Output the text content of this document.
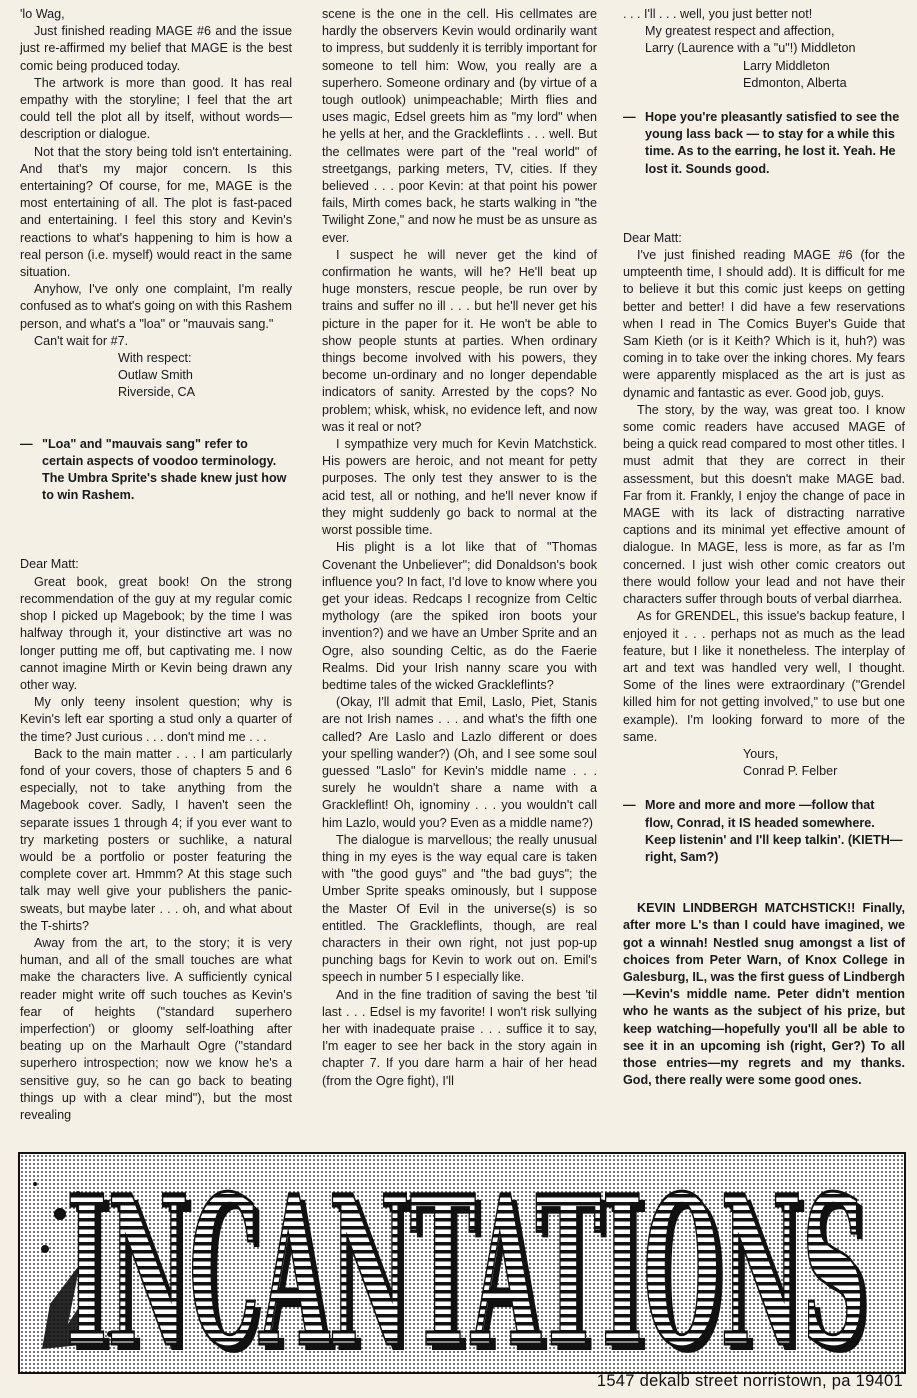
'lo Wag,

Just finished reading MAGE #6 and the issue just re-affirmed my belief that MAGE is the best comic being produced today.

The artwork is more than good. It has real empathy with the storyline; I feel that the art could tell the plot all by itself, without words—description or dialogue.

Not that the story being told isn't entertaining. And that's my major concern. Is this entertaining? Of course, for me, MAGE is the most entertaining of all. The plot is fast-paced and entertaining. I feel this story and Kevin's reactions to what's happening to him is how a real person (i.e. myself) would react in the same situation.

Anyhow, I've only one complaint, I'm really confused as to what's going on with this Rashem person, and what's a "loa" or "mauvais sang."

Can't wait for #7.

With respect:
Outlaw Smith
Riverside, CA

— "Loa" and "mauvais sang" refer to certain aspects of voodoo terminology. The Umbra Sprite's shade knew just how to win Rashem.

Dear Matt:

Great book, great book! On the strong recommendation of the guy at my regular comic shop I picked up Magebook; by the time I was halfway through it, your distinctive art was no longer putting me off, but captivating me. I now cannot imagine Mirth or Kevin being drawn any other way.

My only teeny insolent question; why is Kevin's left ear sporting a stud only a quarter of the time? Just curious . . . don't mind me . . .

Back to the main matter . . . I am particularly fond of your covers, those of chapters 5 and 6 especially, not to take anything from the Magebook cover. Sadly, I haven't seen the separate issues 1 through 4; if you ever want to try marketing posters or suchlike, a natural would be a portfolio or poster featuring the complete cover art. Hmmm? At this stage such talk may well give your publishers the panic-sweats, but maybe later . . . oh, and what about the T-shirts?

Away from the art, to the story; it is very human, and all of the small touches are what make the characters live. A sufficiently cynical reader might write off such touches as Kevin's fear of heights ("standard superhero imperfection') or gloomy self-loathing after beating up on the Marhault Ogre ("standard superhero introspection; now we know he's a sensitive guy, so he can go back to beating things up with a clear mind"), but the most revealing

scene is the one in the cell. His cellmates are hardly the observers Kevin would ordinarily want to impress, but suddenly it is terribly important for someone to tell him: Wow, you really are a superhero. Someone ordinary and (by virtue of a tough outlook) unimpeachable; Mirth flies and uses magic, Edsel greets him as "my lord" when he yells at her, and the Grackleflints . . . well. But the cellmates were part of the "real world" of streetgangs, parking meters, TV, cities. If they believed . . . poor Kevin: at that point his power fails, Mirth comes back, he starts walking in "the Twilight Zone," and now he must be as unsure as ever.

I suspect he will never get the kind of confirmation he wants, will he? He'll beat up huge monsters, rescue people, be run over by trains and suffer no ill . . . but he'll never get his picture in the paper for it. He won't be able to show people stunts at parties. When ordinary things become involved with his powers, they become un-ordinary and no longer dependable indicators of sanity. Arrested by the cops? No problem; whisk, whisk, no evidence left, and now was it real or not?

I sympathize very much for Kevin Matchstick. His powers are heroic, and not meant for petty purposes. The only test they answer to is the acid test, all or nothing, and he'll never know if they might suddenly go back to normal at the worst possible time.

His plight is a lot like that of "Thomas Covenant the Unbeliever"; did Donaldson's book influence you? In fact, I'd love to know where you get your ideas. Redcaps I recognize from Celtic mythology (are the spiked iron boots your invention?) and we have an Umber Sprite and an Ogre, also sounding Celtic, as do the Faerie Realms. Did your Irish nanny scare you with bedtime tales of the wicked Grackleflints?

(Okay, I'll admit that Emil, Laslo, Piet, Stanis are not Irish names . . . and what's the fifth one called? Are Laslo and Lazlo different or does your spelling wander?) (Oh, and I see some soul guessed "Laslo" for Kevin's middle name . . . surely he wouldn't share a name with a Grackleflint! Oh, ignominy . . . you wouldn't call him Lazlo, would you? Even as a middle name?)

The dialogue is marvellous; the really unusual thing in my eyes is the way equal care is taken with "the good guys" and "the bad guys"; the Umber Sprite speaks ominously, but I suppose the Master Of Evil in the universe(s) is so entitled. The Grackleflints, though, are real characters in their own right, not just pop-up punching bags for Kevin to work out on. Emil's speech in number 5 I especially like.

And in the fine tradition of saving the best 'til last . . . Edsel is my favorite! I won't risk sullying her with inadequate praise . . . suffice it to say, I'm eager to see her back in the story again in chapter 7. If you dare harm a hair of her head (from the Ogre fight), I'll

. . . I'll . . . well, you just better not!

My greatest respect and affection,

Larry (Laurence with a "u"!) Middleton

Larry Middleton
Edmonton, Alberta

— Hope you're pleasantly satisfied to see the young lass back — to stay for a while this time. As to the earring, he lost it. Yeah. He lost it. Sounds good.

Dear Matt:

I've just finished reading MAGE #6 (for the umpteenth time, I should add). It is difficult for me to believe it but this comic just keeps on getting better and better! I did have a few reservations when I read in The Comics Buyer's Guide that Sam Kieth (or is it Keith? Which is it, huh?) was coming in to take over the inking chores. My fears were apparently misplaced as the art is just as dynamic and fantastic as ever. Good job, guys.

The story, by the way, was great too. I know some comic readers have accused MAGE of being a quick read compared to most other titles. I must admit that they are correct in their assessment, but this doesn't make MAGE bad. Far from it. Frankly, I enjoy the change of pace in MAGE with its lack of distracting narrative captions and its minimal yet effective amount of dialogue. In MAGE, less is more, as far as I'm concerned. I just wish other comic creators out there would follow your lead and not have their characters suffer through bouts of verbal diarrhea.

As for GRENDEL, this issue's backup feature, I enjoyed it . . . perhaps not as much as the lead feature, but I like it nonetheless. The interplay of art and text was handled very well, I thought. Some of the lines were extraordinary ("Grendel killed him for not getting involved," to use but one example). I'm looking forward to more of the same.

Yours,
Conrad P. Felber

— More and more and more —follow that flow, Conrad, it IS headed somewhere. Keep listenin' and I'll keep talkin'. (KIETH—right, Sam?)

KEVIN LINDBERGH MATCHSTICK!! Finally, after more L's than I could have imagined, we got a winnah! Nestled snug amongst a list of choices from Peter Warn, of Knox College in Galesburg, IL, was the first guess of Lindbergh—Kevin's middle name. Peter didn't mention who he wants as the subject of his prize, but keep watching—hopefully you'll all be able to see it in an upcoming ish (right, Ger?) To all those entries—my regrets and my thanks. God, there really were some good ones.

INCANTATIONS
INCANTATIONS
1547 dekalb street norristown, pa 19401
